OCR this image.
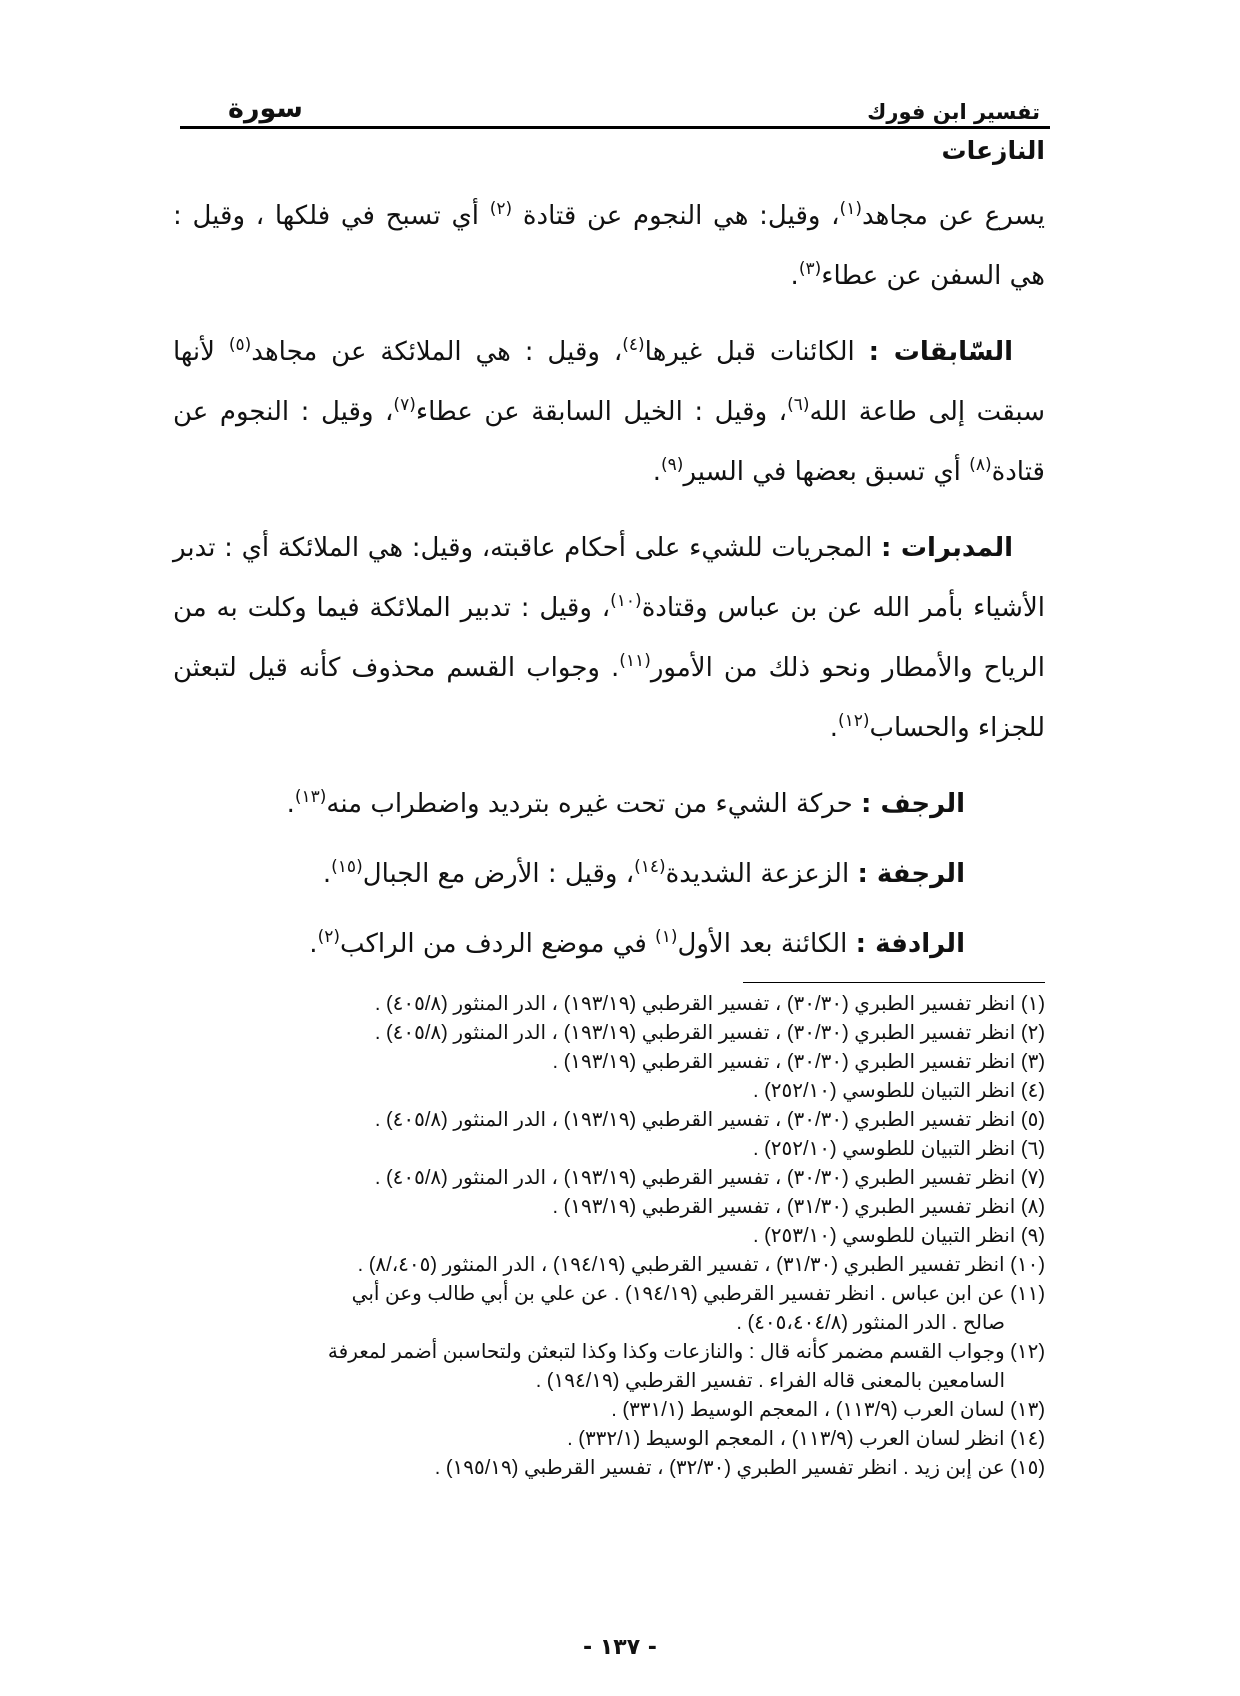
تفسير ابن فورك
سورة
النازعات

يسرع عن مجاهد$^{(١)}$، وقيل: هي النجوم عن قتادة $^{(٢)}$ أي تسبح في فلكها ، وقيل : هي السفن عن عطاء$^{(٣)}$.

السّابقات : الكائنات قبل غيرها$^{(٤)}$، وقيل : هي الملائكة عن مجاهد$^{(٥)}$ لأنها سبقت إلى طاعة الله$^{(٦)}$، وقيل : الخيل السابقة عن عطاء$^{(٧)}$، وقيل : النجوم عن قتادة$^{(٨)}$ أي تسبق بعضها في السير$^{(٩)}$.

المدبرات : المجريات للشيء على أحكام عاقبته، وقيل: هي الملائكة أي : تدبر الأشياء بأمر الله عن بن عباس وقتادة$^{(١٠)}$، وقيل : تدبير الملائكة فيما وكلت به من الرياح والأمطار ونحو ذلك من الأمور$^{(١١)}$. وجواب القسم محذوف كأنه قيل لتبعثن للجزاء والحساب$^{(١٢)}$.

الرجف : حركة الشيء من تحت غيره بترديد واضطراب منه$^{(١٣)}$.

الرجفة : الزعزعة الشديدة$^{(١٤)}$، وقيل : الأرض مع الجبال$^{(١٥)}$.

الرادفة : الكائنة بعد الأول$^{(١)}$ في موضع الردف من الراكب$^{(٢)}$.

(١) انظر تفسير الطبري (٣٠/٣٠) ، تفسير القرطبي (١٩٣/١٩) ، الدر المنثور (٤٠٥/٨) .
(٢) انظر تفسير الطبري (٣٠/٣٠) ، تفسير القرطبي (١٩٣/١٩) ، الدر المنثور (٤٠٥/٨) .
(٣) انظر تفسير الطبري (٣٠/٣٠) ، تفسير القرطبي (١٩٣/١٩) .
(٤) انظر التبيان للطوسي (٢٥٢/١٠) .
(٥) انظر تفسير الطبري (٣٠/٣٠) ، تفسير القرطبي (١٩٣/١٩) ، الدر المنثور (٤٠٥/٨) .
(٦) انظر التبيان للطوسي (٢٥٢/١٠) .
(٧) انظر تفسير الطبري (٣٠/٣٠) ، تفسير القرطبي (١٩٣/١٩) ، الدر المنثور (٤٠٥/٨) .
(٨) انظر تفسير الطبري (٣١/٣٠) ، تفسير القرطبي (١٩٣/١٩) .
(٩) انظر التبيان للطوسي (٢٥٣/١٠) .
(١٠) انظر تفسير الطبري (٣١/٣٠) ، تفسير القرطبي (١٩٤/١٩) ، الدر المنثور (٤٠٥،/٨) .
(١١) عن ابن عباس . انظر تفسير القرطبي (١٩٤/١٩) . عن علي بن أبي طالب وعن أبي
صالح . الدر المنثور (٤٠٥،٤٠٤/٨) .
(١٢) وجواب القسم مضمر كأنه قال : والنازعات وكذا وكذا لتبعثن ولتحاسبن أضمر لمعرفة
السامعين بالمعنى قاله الفراء . تفسير القرطبي (١٩٤/١٩) .
(١٣) لسان العرب (١١٣/٩) ، المعجم الوسيط (٣٣١/١) .
(١٤) انظر لسان العرب (١١٣/٩) ، المعجم الوسيط (٣٣٢/١) .
(١٥) عن إبن زيد . انظر تفسير الطبري (٣٢/٣٠) ، تفسير القرطبي (١٩٥/١٩) .
- ١٣٧ -
